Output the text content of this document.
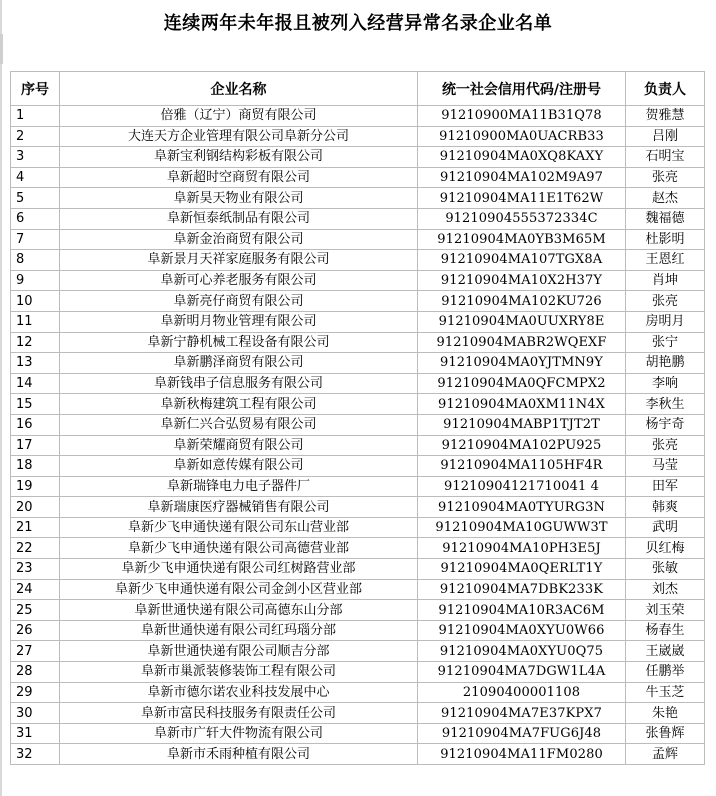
连续两年未年报且被列入经营异常名录企业名单
序号	企业名称	统一社会信用代码/注册号	负责人
1	倍雅（辽宁）商贸有限公司	91210900MA11B31Q78	贺雅慧
2	大连天方企业管理有限公司阜新分公司	91210900MA0UACRB33	吕刚
3	阜新宝利钢结构彩板有限公司	91210904MA0XQ8KAXY	石明宝
4	阜新超时空商贸有限公司	91210904MA102M9A97	张亮
5	阜新昊天物业有限公司	91210904MA11E1T62W	赵杰
6	阜新恒泰纸制品有限公司	91210904555372334C	魏福德
7	阜新金治商贸有限公司	91210904MA0YB3M65M	杜影明
8	阜新景月天祥家庭服务有限公司	91210904MA107TGX8A	王恩红
9	阜新可心养老服务有限公司	91210904MA10X2H37Y	肖坤
10	阜新亮仔商贸有限公司	91210904MA102KU726	张亮
11	阜新明月物业管理有限公司	91210904MA0UUXRY8E	房明月
12	阜新宁静机械工程设备有限公司	91210904MABR2WQEXF	张宁
13	阜新鹏泽商贸有限公司	91210904MA0YJTMN9Y	胡艳鹏
14	阜新钱串子信息服务有限公司	91210904MA0QFCMPX2	李响
15	阜新秋梅建筑工程有限公司	91210904MA0XM11N4X	李秋生
16	阜新仁兴合弘贸易有限公司	91210904MABP1TJT2T	杨宇奇
17	阜新荣耀商贸有限公司	91210904MA102PU925	张亮
18	阜新如意传媒有限公司	91210904MA1105HF4R	马莹
19	阜新瑞锋电力电子器件厂	91210904121710041 4	田军
20	阜新瑞康医疗器械销售有限公司	91210904MA0TYURG3N	韩爽
21	阜新少飞申通快递有限公司东山营业部	91210904MA10GUWW3T	武明
22	阜新少飞申通快递有限公司高德营业部	91210904MA10PH3E5J	贝红梅
23	阜新少飞申通快递有限公司红树路营业部	91210904MA0QERLT1Y	张敏
24	阜新少飞申通快递有限公司金剑小区营业部	91210904MA7DBK233K	刘杰
25	阜新世通快递有限公司高德东山分部	91210904MA10R3AC6M	刘玉荣
26	阜新世通快递有限公司红玛瑙分部	91210904MA0XYU0W66	杨春生
27	阜新世通快递有限公司顺吉分部	91210904MA0XYU0Q75	王崴崴
28	阜新市巢派装修装饰工程有限公司	91210904MA7DGW1L4A	任鹏举
29	阜新市德尔诺农业科技发展中心	21090400001108	牛玉芝
30	阜新市富民科技服务有限责任公司	91210904MA7E37KPX7	朱艳
31	阜新市广轩大件物流有限公司	91210904MA7FUG6J48	张鲁辉
32	阜新市禾雨种植有限公司	91210904MA11FM0280	孟辉
